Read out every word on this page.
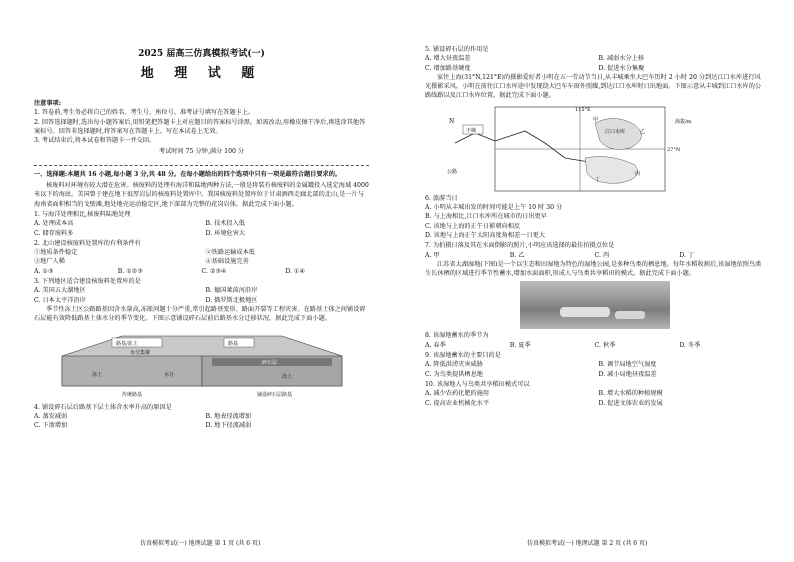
2025 届高三仿真模拟考试(一)
地 理 试 题
注意事项:
1. 答卷前,考生务必将自己的姓名、考生号、座位号、准考证号填写在答题卡上。
2. 回答选择题时,选出每小题答案后,用铅笔把答题卡上对应题目的答案标号涂黑。如需改动,用橡皮擦干净后,再选涂其他答案标号。回答非选择题时,将答案写在答题卡上。写在本试卷上无效。
3. 考试结束后,将本试卷和答题卡一并交回。
考试时间 75 分钟,满分 100 分
一、选择题:本题共 16 小题,每小题 3 分,共 48 分。在每小题给出的四个选项中只有一项是最符合题目要求的。
核废料对环境有较大潜在危害。核废料的处理有海洋和陆地两种方法,一般是将装有核废料的金属罐投入选定海域 4000 米以下的海底。美国曾于建在地下很厚岩层的核废料处置库中。我国核废料处置库位于甘肃酒西走廊北部的北山,是一片与海南省面积相当的戈壁滩,地处地壳运动稳定区,地下深部为完整的花岗岩体。据此完成下面小题。
1. 与海洋处理相比,核废料陆地处理
A. 处理成本高	B. 技术投入低
C. 储存废料多	D. 环境危害大
2. 北山建设核废料处置库的有利条件有
①地质条件稳定	②铁路运输成本低
③地广人稀	④基础设施完善
A. ①③	B. ①②③	C. ②③④	D. ①④
3. 下列地区适合建设核废料处置库的是
A. 美国五大湖地区	B. 德国莱茵河沿岸
C. 日本太平洋沿岸	D. 俄罗斯北极地区
季节性冻土区公路路基因含水量高,冻胀问题十分严重,常引起路基变形、路面开裂等工程灾害。在路基土体之间铺设碎石层能有效降低路基土体水分的季节变化。下图示意铺设碎石层前后路基水分迁移状况。据此完成下面小题。
路基/冻土
水分集聚
冻土	水分
碎石层
路基
冻土
传统路基	铺设碎石层路基
4. 铺设碎石层后路基下层土体含水率升高的原因是
A. 蒸发减弱	B. 地表径流增加
C. 下渗增加	D. 地下径流减弱
仿真模拟考试(一) 地理试题 第 1 页 (共 6 页)
5. 铺设碎石层的作用是
A. 增大昼夜温差	B. 减弱水分上移
C. 增加路基硬度	D. 促进水分集聚
家住上海(31°N,121°E)的摄影爱好者小明在五一劳动节当日,从丰城乘坐大巴车历时 2 小时 20 分到达江口水库进行风光摄影采风。小明在前往江口水库途中发现绕大巴车车窗外照耀,到达江口水库时日出地面。下图示意从丰城到江口水库的公路线路以及江口水库位置。据此完成下面小题。
115°E
27°N
丰城	江口水库
甲
乙
丙
丁
公路
海拔/m
N
6. 旅游当日
A. 小明从丰城出发的时间可能是上午 10 时 30 分
B. 与上海相比,江口水库所在城市的日出更早
C. 该地与上海的正午日影朝向相反
D. 该地与上海正午太阳高度角相差一日更大
7. 为拍摄日落及其在水面倒影的照片,小明应该选择的最佳拍摄点位是
A. 甲	B. 乙	C. 丙	D. 丁
江苏省太湖湿地(下图)是一个以生态和田湿地为特色的湿地公园,是多种鸟类的栖息地。每年水稻收割后,该湿地依照鸟类生长休栖的区域进行季节性蓄水,增加水面面积,形成人与鸟类共享稻田的模式。据此完成下面小题。
8. 该湿地蓄水的季节为
A. 春季	B. 夏季	C. 秋季	D. 冬季
9. 该湿地蓄水的主要目的是
A. 降低洪涝灾害威胁	B. 调节局地空气湿度
C. 为鸟类提供栖息地	D. 减小局地昼夜温差
10. 该湿地人与鸟类共享稻田模式可以
A. 减少农药化肥的施用	B. 增大水稻的种植规模
C. 提高农业机械化水平	D. 促进文体农业的发展
仿真模拟考试(一) 地理试题 第 2 页 (共 6 页)
